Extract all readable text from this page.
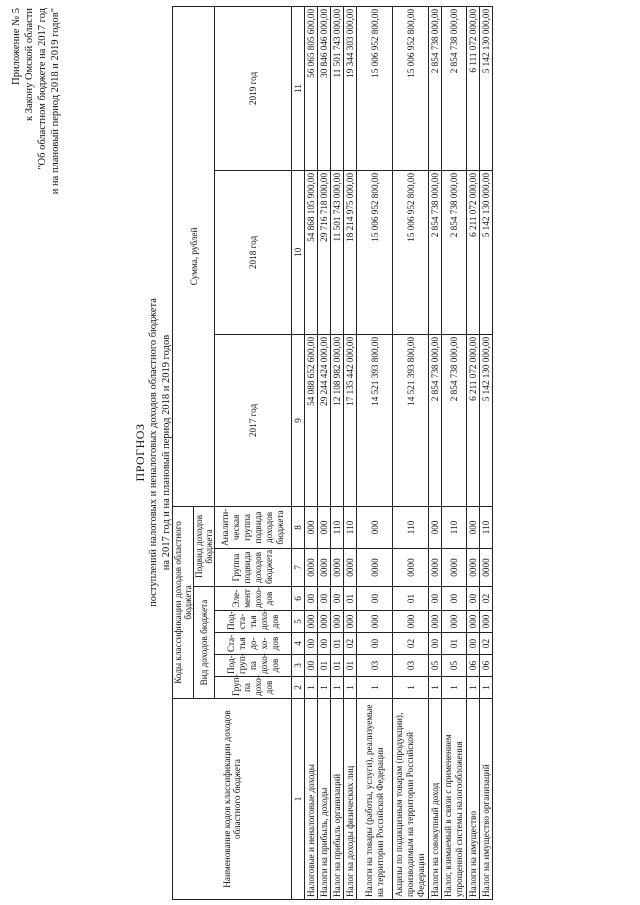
Приложение № 5 к Закону Омской области "Об областном бюджете на 2017 год и на плановый период 2018 и 2019 годов"
ПРОГНОЗ поступлений налоговых и неналоговых доходов областного бюджета на 2017 год и на плановый период 2018 и 2019 годов
Наименование кодов классификации доходов областного бюджета	Коды классификации доходов областного бюджета							Сумма, рублей		
	Вид доходов бюджета					Подвид доходов бюджета				
	Груп-па дохо-дов	Под-груп-па дохо-дов	Ста-тья до-хо-дов	Под-ста-тья дохо-дов	Эле-мент дохо-дов	Группа подвида доходов бюджета	Аналити-ческая группа подвида доходов бюджета	2017 год	2018 год	2019 год
1	2	3	4	5	6	7	8	9	10	11
Налоговые и неналоговые доходы	1	00	00	000	00	0000	000	54 088 652 600,00	54 868 105 900,00	56 065 805 600,00
Налоги на прибыль, доходы	1	01	00	000	00	0000	000	29 244 424 000,00	29 716 718 000,00	30 846 046 000,00
Налог на прибыль организаций	1	01	01	000	00	0000	110	12 108 982 000,00	11 501 743 000,00	11 501 743 000,00
Налог на доходы физических лиц	1	01	02	000	01	0000	110	17 135 442 000,00	18 214 975 000,00	19 344 303 000,00
Налоги на товары (работы, услуги), реализуемые на территории Российской Федерации	1	03	00	000	00	0000	000	14 521 393 800,00	15 006 952 800,00	15 006 952 800,00
Акцизы по подакцизным товарам (продукции), производимым на территории Российской Федерации	1	03	02	000	01	0000	110	14 521 393 800,00	15 006 952 800,00	15 006 952 800,00
Налоги на совокупный доход	1	05	00	000	00	0000	000	2 854 738 000,00	2 854 738 000,00	2 854 738 000,00
Налог, взимаемый в связи с применением упрощенной системы налогообложения	1	05	01	000	00	0000	110	2 854 738 000,00	2 854 738 000,00	2 854 738 000,00
Налоги на имущество	1	06	00	000	00	0000	000	6 211 072 000,00	6 211 072 000,00	6 111 072 000,00
Налог на имущество организаций	1	06	02	000	02	0000	110	5 142 130 000,00	5 142 130 000,00	5 142 130 000,00
